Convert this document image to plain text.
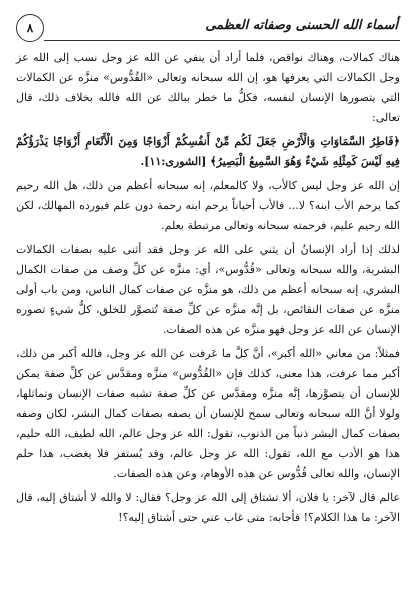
٨	أسماء الله الحسنى وصفاته العظمى

هناك كمالات، وهناك نواقص، فلما أراد أن ينفي عن الله عز وجل نسب إلى الله عز وجل الكمالات التي يعرفها هو، إن الله سبحانه وتعالى «القُدُّوس» منزَّه عن الكمالات التي يتصورها الإنسان لنفسه، فكلُّ ما خطر ببالك عن الله فالله بخلاف ذلك، قال تعالى:

﴿فَاطِرُ السَّمَاوَاتِ وَالْأَرْضِ جَعَلَ لَكُم مِّنْ أَنفُسِكُمْ أَزْوَاجًا وَمِنَ الْأَنْعَامِ أَزْوَاجًا يَذْرَؤُكُمْ فِيهِ لَيْسَ كَمِثْلِهِ شَيْءٌ وَهُوَ السَّمِيعُ الْبَصِيرُ﴾ [الشورى:١١].

إن الله عز وجل ليس كالأب، ولا كالمعلم، إنه سبحانه أعظم من ذلك، هل الله رحيم كما يرحم الأب ابنه؟ لا... فالأب أحياناً يرحم ابنه رحمة دون علم فيورده المهالك، لكن الله رحيم عليم، فرحمته سبحانه وتعالى مرتبطة بعلم.

لذلك إذا أراد الإنسانُ أن يثني على الله عز وجل فقد أثنى عليه بصفات الكمالات البشرية، والله سبحانه وتعالى «قُدُّوس»، أي: منزَّه عن كلِّ وصف من صفات الكمال البشري، إنه سبحانه أعظم من ذلك، هو منزَّه عن صفات كمال الناس، ومن باب أولى منزَّه عن صفات النقائص، بل إنَّه منزَّه عن كلِّ صفة تُتصوَّر للخلق، كلُّ شيءٍ تصوره الإنسان عن الله عز وجل فهو منزَّه عن هذه الصفات.

فمثلاً: من معاني «الله أكبر»، أنَّ كلَّ ما عَرفت عن الله عز وجل، فالله أكبر من ذلك، أكبر مما عرفت، هذا معنى، كذلك فإن «القُدُّوس» منزَّه ومقدَّس عن كلِّ صفة يمكن للإنسان أن يتصوَّرها، إنَّه منزَّه ومقدَّس عن كلِّ صفة تشبه صفات الإنسان وتماثلها، ولولا أنَّ الله سبحانه وتعالى سمح للإنسان أن يصفه بصفات كمال البشر، لكان وصفه بصفات كمال البشر ذنباً من الذنوب، تقول: الله عز وجل عالم، الله لطيف، الله حليم، هذا هو الأدب مع الله، تقول: الله عز وجل عالم، وقد يُستفز فلا يغضب، هذا حلم الإنسان، والله تعالى قُدُّوس عن هذه الأوهام، وعن هذه الصفات.

عالم قال لآخر: يا فلان، ألا تشتاق إلى الله عز وجل؟ فقال: لا والله لا أشتاق إليه، قال الآخر: ما هذا الكلام؟! فأجابه: متى غاب عني حتى أشتاق إليه؟!
